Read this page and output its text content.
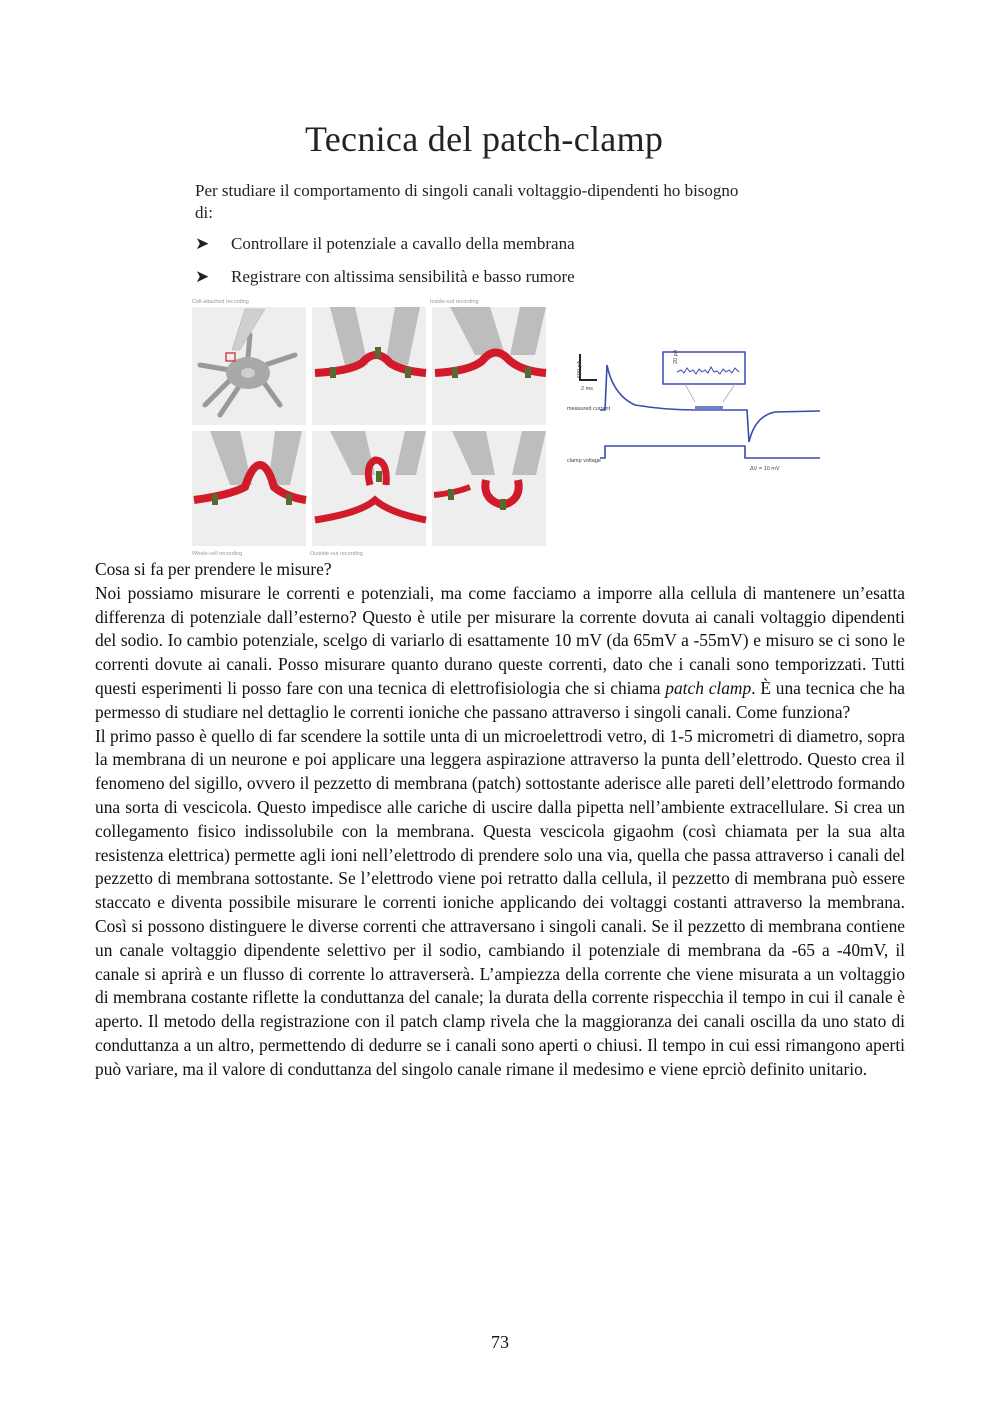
Tecnica del patch-clamp
Per studiare il comportamento di singoli canali voltaggio-dipendenti ho bisogno di:
➤ Controllare il potenziale a cavallo della membrana
➤ Registrare con altissima sensibilità e basso rumore
Cell-attached recording	Inside-out recording
Whole-cell recording	Outside-out recording
500 pA
2 ms
measured current
clamp voltage
ΔV = 10 mV
20 pA

Cosa si fa per prendere le misure?

Noi possiamo misurare le correnti e potenziali, ma come facciamo a imporre alla cellula di mantenere un’esatta differenza di potenziale dall’esterno? Questo è utile per misurare la corrente dovuta ai canali voltaggio dipendenti del sodio. Io cambio potenziale, scelgo di variarlo di esattamente 10 mV (da 65mV a -55mV) e misuro se ci sono le correnti dovute ai canali. Posso misurare quanto durano queste correnti, dato che i canali sono temporizzati. Tutti questi esperimenti li posso fare con una tecnica di elettrofisiologia che si chiama patch clamp. È una tecnica che ha permesso di studiare nel dettaglio le correnti ioniche che passano attraverso i singoli canali. Come funziona?

Il primo passo è quello di far scendere la sottile unta di un microelettrodi vetro, di 1-5 micrometri di diametro, sopra la membrana di un neurone e poi applicare una leggera aspirazione attraverso la punta dell’elettrodo. Questo crea il fenomeno del sigillo, ovvero il pezzetto di membrana (patch) sottostante aderisce alle pareti dell’elettrodo formando una sorta di vescicola. Questo impedisce alle cariche di uscire dalla pipetta nell’ambiente extracellulare. Si crea un collegamento fisico indissolubile con la membrana. Questa vescicola gigaohm (così chiamata per la sua alta resistenza elettrica) permette agli ioni nell’elettrodo di prendere solo una via, quella che passa attraverso i canali del pezzetto di membrana sottostante. Se l’elettrodo viene poi retratto dalla cellula, il pezzetto di membrana può essere staccato e diventa possibile misurare le correnti ioniche applicando dei voltaggi costanti attraverso la membrana. Così si possono distinguere le diverse correnti che attraversano i singoli canali. Se il pezzetto di membrana contiene un canale voltaggio dipendente selettivo per il sodio, cambiando il potenziale di membrana da -65 a -40mV, il canale si aprirà e un flusso di corrente lo attraverserà. L’ampiezza della corrente che viene misurata a un voltaggio di membrana costante riflette la conduttanza del canale; la durata della corrente rispecchia il tempo in cui il canale è aperto. Il metodo della registrazione con il patch clamp rivela che la maggioranza dei canali oscilla da uno stato di conduttanza a un altro, permettendo di dedurre se i canali sono aperti o chiusi. Il tempo in cui essi rimangono aperti può variare, ma il valore di conduttanza del singolo canale rimane il medesimo e viene eprciò definito unitario.

73
